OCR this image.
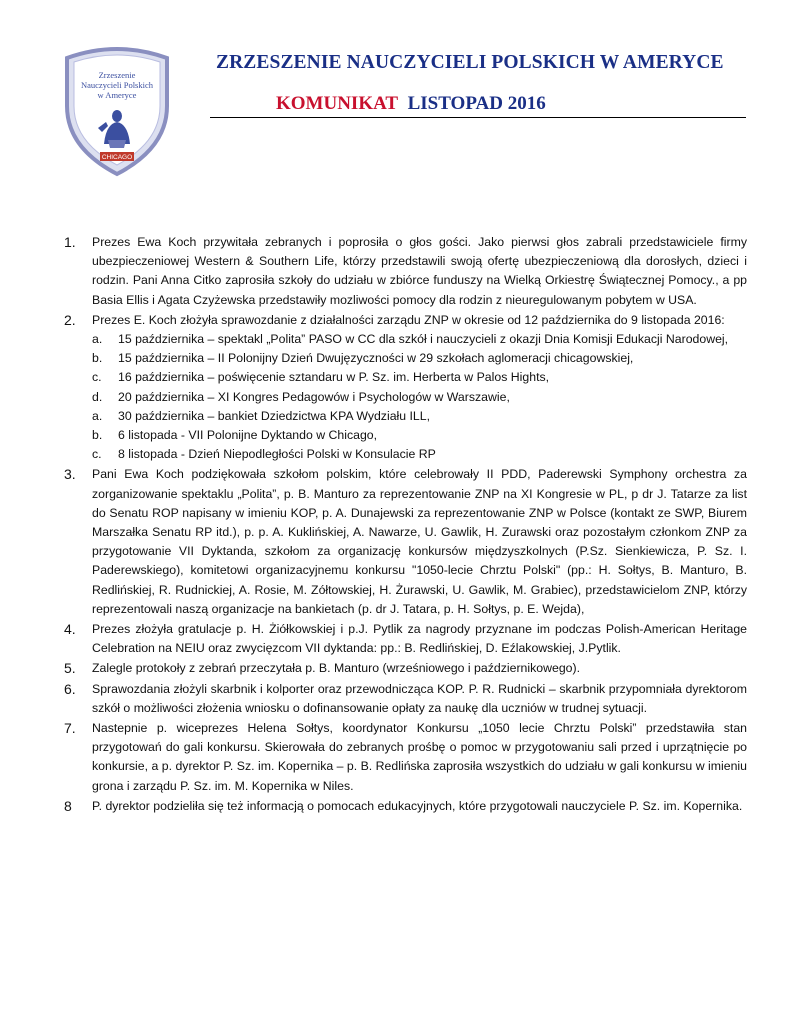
Zrzeszenie
Nauczycieli Polskich
w Ameryce
CHICAGO
ZRZESZENIE NAUCZYCIELI POLSKICH W AMERYCE
KOMUNIKAT LISTOPAD 2016
1.	Prezes Ewa Koch przywitała zebranych i poprosiła o głos gości. Jako pierwsi głos zabrali przedstawiciele firmy ubezpieczeniowej Western & Southern Life, którzy przedstawili swoją ofertę ubezpieczeniową dla dorosłych, dzieci i rodzin. Pani Anna Citko zaprosiła szkoły do udziału w zbiórce funduszy na Wielką Orkiestrę Świątecznej Pomocy., a pp Basia Ellis i Agata Czyżewska przedstawiły mozliwości pomocy dla rodzin z nieuregulowanym pobytem w USA.
2.	Prezes E. Koch złożyła sprawozdanie z działalności zarządu ZNP w okresie od 12 października do 9 listopada 2016:
a.	15 października – spektakl „Polita” PASO w CC dla szkół i nauczycieli z okazji Dnia Komisji Edukacji Narodowej,
b.	15 października – II Polonijny Dzień Dwujęzyczności w 29 szkołach aglomeracji chicagowskiej,
c.	16 października – poświęcenie sztandaru w P. Sz. im. Herberta w Palos Hights,
d.	20 października – XI Kongres Pedagowów i Psychologów w Warszawie,
a.	30 października – bankiet Dziedzictwa KPA Wydziału ILL,
b.	6 listopada - VII Polonijne Dyktando w Chicago,
c.	8 listopada - Dzień Niepodległości Polski w Konsulacie RP
3.	Pani Ewa Koch podziękowała szkołom polskim, które celebrowały II PDD, Paderewski Symphony orchestra za zorganizowanie spektaklu „Polita”, p. B. Manturo za reprezentowanie ZNP na XI Kongresie w PL, p dr J. Tatarze za list do Senatu ROP napisany w imieniu KOP, p. A. Dunajewski za reprezentowanie ZNP w Polsce (kontakt ze SWP, Biurem Marszałka Senatu RP itd.), p. p. A. Kuklińskiej, A. Nawarze, U. Gawlik, H. Zurawski oraz pozostałym członkom ZNP za przygotowanie VII Dyktanda, szkołom za organizację konkursów międzyszkolnych (P.Sz. Sienkiewicza, P. Sz. I. Paderewskiego), komitetowi organizacyjnemu konkursu "1050-lecie Chrztu Polski" (pp.: H. Sołtys, B. Manturo, B. Redlińskiej, R. Rudnickiej, A. Rosie, M. Zółtowskiej, H. Żurawski, U. Gawlik, M. Grabiec), przedstawicielom ZNP, którzy reprezentowali naszą organizacje na bankietach (p. dr J. Tatara, p. H. Sołtys, p. E. Wejda),
4.	Prezes złożyła gratulacje p. H. Żiółkowskiej i p.J. Pytlik za nagrody przyznane im podczas Polish-American Heritage Celebration na NEIU oraz zwycięzcom VII dyktanda: pp.: B. Redlińskiej, D. Eźlakowskiej, J.Pytlik.
5.	Zalegle protokoły z zebrań przeczytała p. B. Manturo (wrześniowego i październikowego).
6.	Sprawozdania złożyli skarbnik i kolporter oraz przewodnicząca KOP. P. R. Rudnicki – skarbnik przypomniała dyrektorom szkół o możliwości złożenia wniosku o dofinansowanie opłaty za naukę dla uczniów w trudnej sytuacji.
7.	Nastepnie p. wiceprezes Helena Sołtys, koordynator Konkursu „1050 lecie Chrztu Polski” przedstawiła stan przygotowań do gali konkursu. Skierowała do zebranych prośbę o pomoc w przygotowaniu sali przed i uprzątnięcie po konkursie, a p. dyrektor P. Sz. im. Kopernika – p. B. Redlińska zaprosiła wszystkich do udziału w gali konkursu w imieniu grona i zarządu P. Sz. im. M. Kopernika w Niles.
8	P. dyrektor podzieliła się też informacją o pomocach edukacyjnych, które przygotowali nauczyciele P. Sz. im. Kopernika.
